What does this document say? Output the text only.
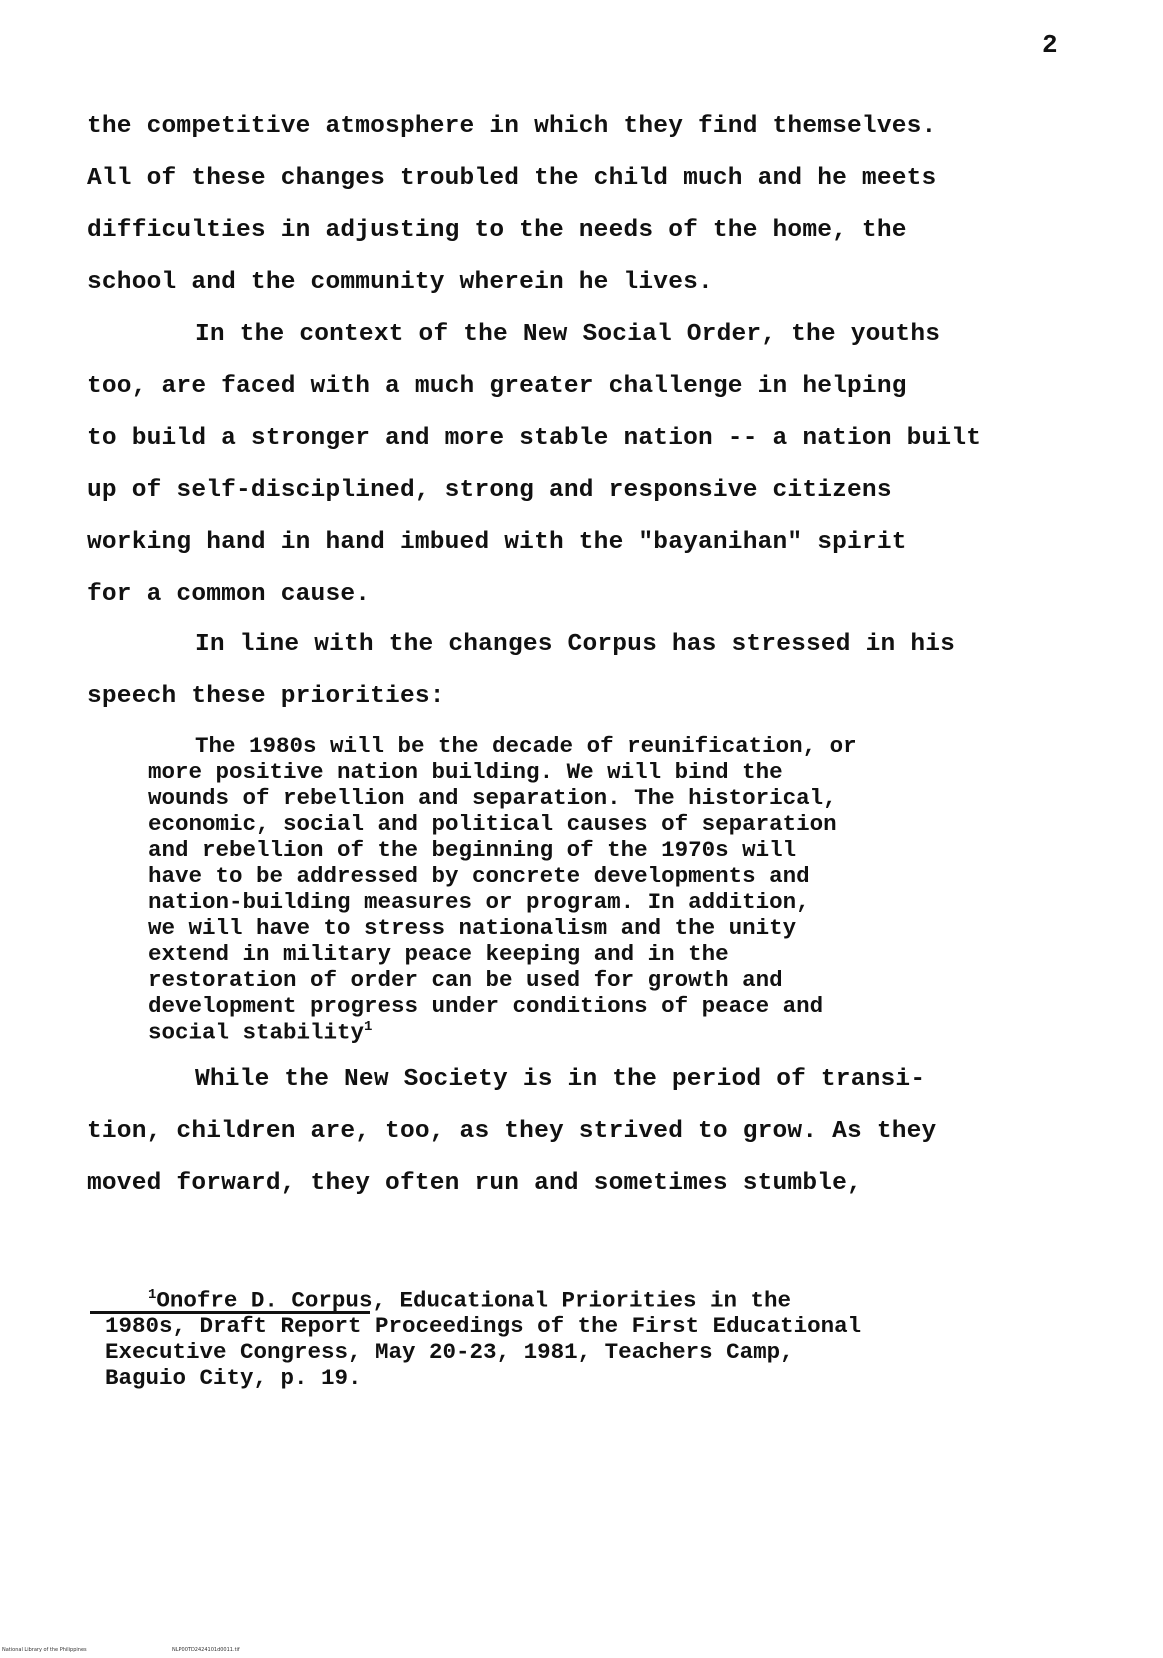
2
the competitive atmosphere in which they find themselves.
All of these changes troubled the child much and he meets
difficulties in adjusting to the needs of the home, the
school and the community wherein he lives.
In the context of the New Social Order, the youths
too, are faced with a much greater challenge in helping
to build a stronger and more stable nation -- a nation built
up of self-disciplined, strong and responsive citizens
working hand in hand imbued with the "bayanihan" spirit
for a common cause.
In line with the changes Corpus has stressed in his
speech these priorities:
The 1980s will be the decade of reunification, or
more positive nation building. We will bind the
wounds of rebellion and separation. The historical,
economic, social and political causes of separation
and rebellion of the beginning of the 1970s will
have to be addressed by concrete developments and
nation-building measures or program. In addition,
we will have to stress nationalism and the unity
extend in military peace keeping and in the
restoration of order can be used for growth and
development progress under conditions of peace and
social stability$^1$
While the New Society is in the period of transi-
tion, children are, too, as they strived to grow. As they
moved forward, they often run and sometimes stumble,
$^1$Onofre D. Corpus, Educational Priorities in the
1980s, Draft Report Proceedings of the First Educational
Executive Congress, May 20-23, 1981, Teachers Camp,
Baguio City, p. 19.
National Library of the Philippines	NLP00TD2424101d0011.tif
